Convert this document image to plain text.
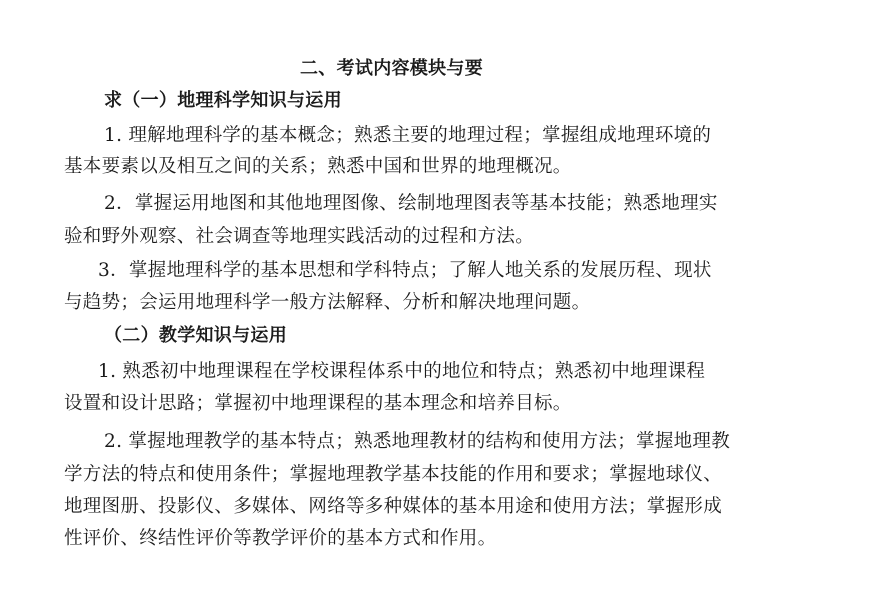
二、考试内容模块与要
求（一）地理科学知识与运用
1. 理解地理科学的基本概念；熟悉主要的地理过程；掌握组成地理环境的
基本要素以及相互之间的关系；熟悉中国和世界的地理概况。
2．掌握运用地图和其他地理图像、绘制地理图表等基本技能；熟悉地理实
验和野外观察、社会调查等地理实践活动的过程和方法。
3．掌握地理科学的基本思想和学科特点；了解人地关系的发展历程、现状
与趋势；会运用地理科学一般方法解释、分析和解决地理问题。
（二）教学知识与运用
1. 熟悉初中地理课程在学校课程体系中的地位和特点；熟悉初中地理课程
设置和设计思路；掌握初中地理课程的基本理念和培养目标。
2. 掌握地理教学的基本特点；熟悉地理教材的结构和使用方法；掌握地理教
学方法的特点和使用条件；掌握地理教学基本技能的作用和要求；掌握地球仪、
地理图册、投影仪、多媒体、网络等多种媒体的基本用途和使用方法；掌握形成
性评价、终结性评价等教学评价的基本方式和作用。
